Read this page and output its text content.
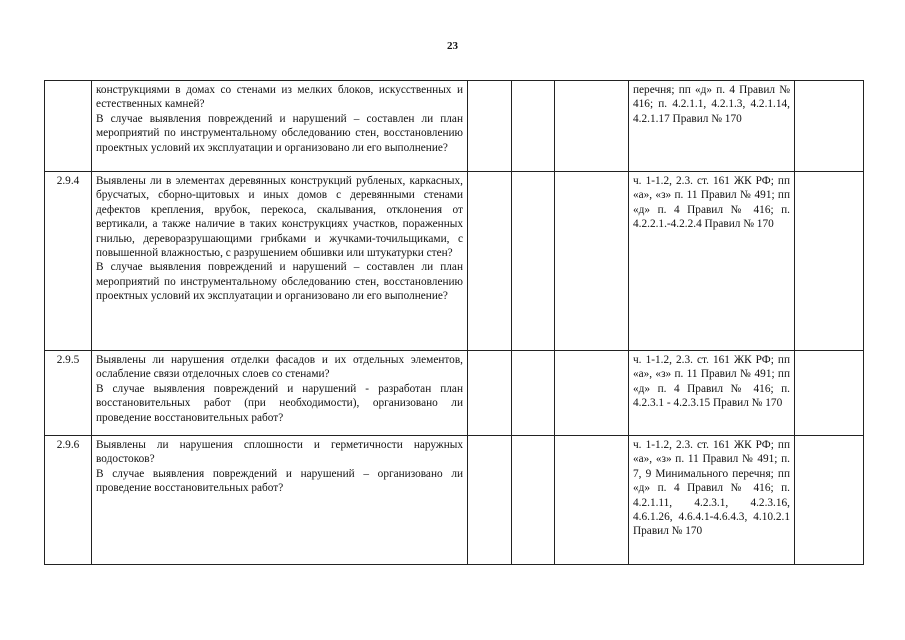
23

	конструкциями в домах со стенами из мелких блоков, искусственных и естественных камней?

В случае выявления повреждений и нарушений – составлен ли план мероприятий по инструментальному обследованию стен, восстановлению проектных условий их эксплуатации и организовано ли его выполнение?				перечня; пп «д» п. 4 Правил № 416; п. 4.2.1.1, 4.2.1.3, 4.2.1.14, 4.2.1.17 Правил № 170	

2.9.4	Выявлены ли в элементах деревянных конструкций рубленых, каркасных, брусчатых, сборно-щитовых и иных домов с деревянными стенами дефектов крепления, врубок, перекоса, скалывания, отклонения от вертикали, а также наличие в таких конструкциях участков, пораженных гнилью, дереворазрушающими грибками и жучками-точильщиками, с повышенной влажностью, с разрушением обшивки или штукатурки стен?

В случае выявления повреждений и нарушений – составлен ли план мероприятий по инструментальному обследованию стен, восстановлению проектных условий их эксплуатации и организовано ли его выполнение?				ч. 1-1.2, 2.3. ст. 161 ЖК РФ; пп «а», «з» п. 11 Правил № 491; пп «д» п. 4 Правил № 416; п. 4.2.2.1.-4.2.2.4 Правил № 170	

2.9.5	Выявлены ли нарушения отделки фасадов и их отдельных элементов, ослабление связи отделочных слоев со стенами?

В случае выявления повреждений и нарушений - разработан план восстановительных работ (при необходимости), организовано ли проведение восстановительных работ?				ч. 1-1.2, 2.3. ст. 161 ЖК РФ; пп «а», «з» п. 11 Правил № 491; пп «д» п. 4 Правил № 416; п. 4.2.3.1 - 4.2.3.15 Правил № 170	

2.9.6	Выявлены ли нарушения сплошности и герметичности наружных водостоков?

В случае выявления повреждений и нарушений – организовано ли проведение восстановительных работ?				ч. 1-1.2, 2.3. ст. 161 ЖК РФ; пп «а», «з» п. 11 Правил № 491; п. 7, 9 Минимального перечня; пп «д» п. 4 Правил № 416; п. 4.2.1.11, 4.2.3.1, 4.2.3.16, 4.6.1.26, 4.6.4.1-4.6.4.3, 4.10.2.1 Правил № 170	
